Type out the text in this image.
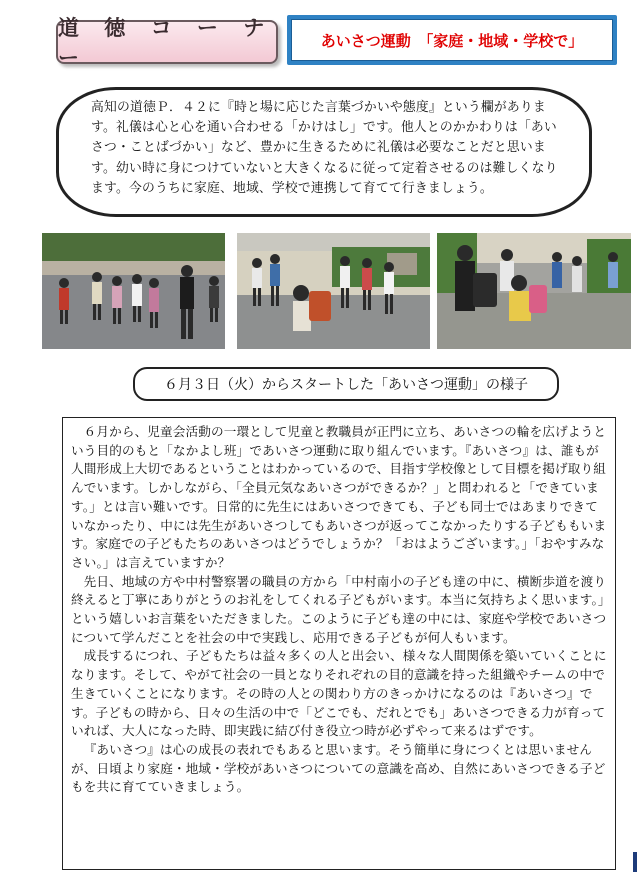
道 徳 コ ー ナ ー
あいさつ運動　「家庭・地域・学校で」
高知の道徳Ｐ．４２に『時と場に応じた言葉づかいや態度』という欄があります。礼儀は心と心を通い合わせる「かけはし」です。他人とのかかわりは「あいさつ・ことばづかい」など、豊かに生きるために礼儀は必要なことだと思います。幼い時に身につけていないと大きくなるに従って定着させるのは難しくなります。今のうちに家庭、地域、学校で連携して育てて行きましょう。
６月３日（火）からスタートした「あいさつ運動」の様子

６月から、児童会活動の一環として児童と教職員が正門に立ち、あいさつの輪を広げようという目的のもと「なかよし班」であいさつ運動に取り組んでいます。『あいさつ』は、誰もが人間形成上大切であるということはわかっているので、目指す学校像として目標を掲げ取り組んでいます。しかしながら、「全員元気なあいさつができるか？」と問われると「できています。」とは言い難いです。日常的に先生にはあいさつできても、子ども同士ではあまりできていなかったり、中には先生があいさつしてもあいさつが返ってこなかったりする子どももいます。家庭での子どもたちのあいさつはどうでしょうか？「おはようございます。」「おやすみなさい。」は言えていますか？

先日、地域の方や中村警察署の職員の方から「中村南小の子ども達の中に、横断歩道を渡り終えると丁寧にありがとうのお礼をしてくれる子どもがいます。本当に気持ちよく思います。」という嬉しいお言葉をいただきました。このように子ども達の中には、家庭や学校であいさつについて学んだことを社会の中で実践し、応用できる子どもが何人もいます。

成長するにつれ、子どもたちは益々多くの人と出会い、様々な人間関係を築いていくことになります。そして、やがて社会の一員となりそれぞれの目的意識を持った組織やチームの中で生きていくことになります。その時の人との関わり方のきっかけになるのは『あいさつ』です。子どもの時から、日々の生活の中で「どこでも、だれとでも」あいさつできる力が育っていれば、大人になった時、即実践に結び付き役立つ時が必ずやって来るはずです。

『あいさつ』は心の成長の表れでもあると思います。そう簡単に身につくとは思いませんが、日頃より家庭・地域・学校があいさつについての意識を高め、自然にあいさつできる子どもを共に育てていきましょう。
